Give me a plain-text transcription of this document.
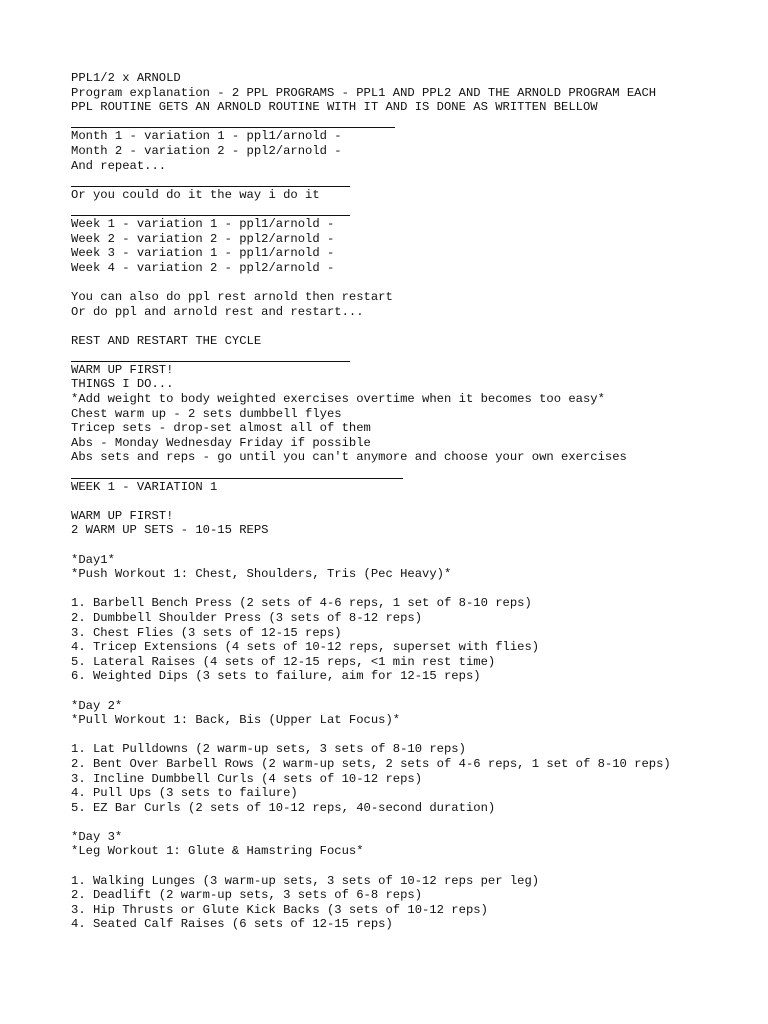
PPL1/2 x ARNOLD
Program explanation - 2 PPL PROGRAMS - PPL1 AND PPL2 AND THE ARNOLD PROGRAM EACH
PPL ROUTINE GETS AN ARNOLD ROUTINE WITH IT AND IS DONE AS WRITTEN BELLOW
Month 1 - variation 1 - ppl1/arnold -
Month 2 - variation 2 - ppl2/arnold -
And repeat...
Or you could do it the way i do it
Week 1 - variation 1 - ppl1/arnold -
Week 2 - variation 2 - ppl2/arnold -
Week 3 - variation 1 - ppl1/arnold -
Week 4 - variation 2 - ppl2/arnold -
You can also do ppl rest arnold then restart
Or do ppl and arnold rest and restart...
REST AND RESTART THE CYCLE
WARM UP FIRST!
THINGS I DO...
*Add weight to body weighted exercises overtime when it becomes too easy*
Chest warm up - 2 sets dumbbell flyes
Tricep sets - drop-set almost all of them
Abs - Monday Wednesday Friday if possible
Abs sets and reps - go until you can't anymore and choose your own exercises
WEEK 1 - VARIATION 1
WARM UP FIRST!
2 WARM UP SETS - 10-15 REPS
*Day1*
*Push Workout 1: Chest, Shoulders, Tris (Pec Heavy)*
1. Barbell Bench Press (2 sets of 4-6 reps, 1 set of 8-10 reps)
2. Dumbbell Shoulder Press (3 sets of 8-12 reps)
3. Chest Flies (3 sets of 12-15 reps)
4. Tricep Extensions (4 sets of 10-12 reps, superset with flies)
5. Lateral Raises (4 sets of 12-15 reps, <1 min rest time)
6. Weighted Dips (3 sets to failure, aim for 12-15 reps)
*Day 2*
*Pull Workout 1: Back, Bis (Upper Lat Focus)*
1. Lat Pulldowns (2 warm-up sets, 3 sets of 8-10 reps)
2. Bent Over Barbell Rows (2 warm-up sets, 2 sets of 4-6 reps, 1 set of 8-10 reps)
3. Incline Dumbbell Curls (4 sets of 10-12 reps)
4. Pull Ups (3 sets to failure)
5. EZ Bar Curls (2 sets of 10-12 reps, 40-second duration)
*Day 3*
*Leg Workout 1: Glute & Hamstring Focus*
1. Walking Lunges (3 warm-up sets, 3 sets of 10-12 reps per leg)
2. Deadlift (2 warm-up sets, 3 sets of 6-8 reps)
3. Hip Thrusts or Glute Kick Backs (3 sets of 10-12 reps)
4. Seated Calf Raises (6 sets of 12-15 reps)
